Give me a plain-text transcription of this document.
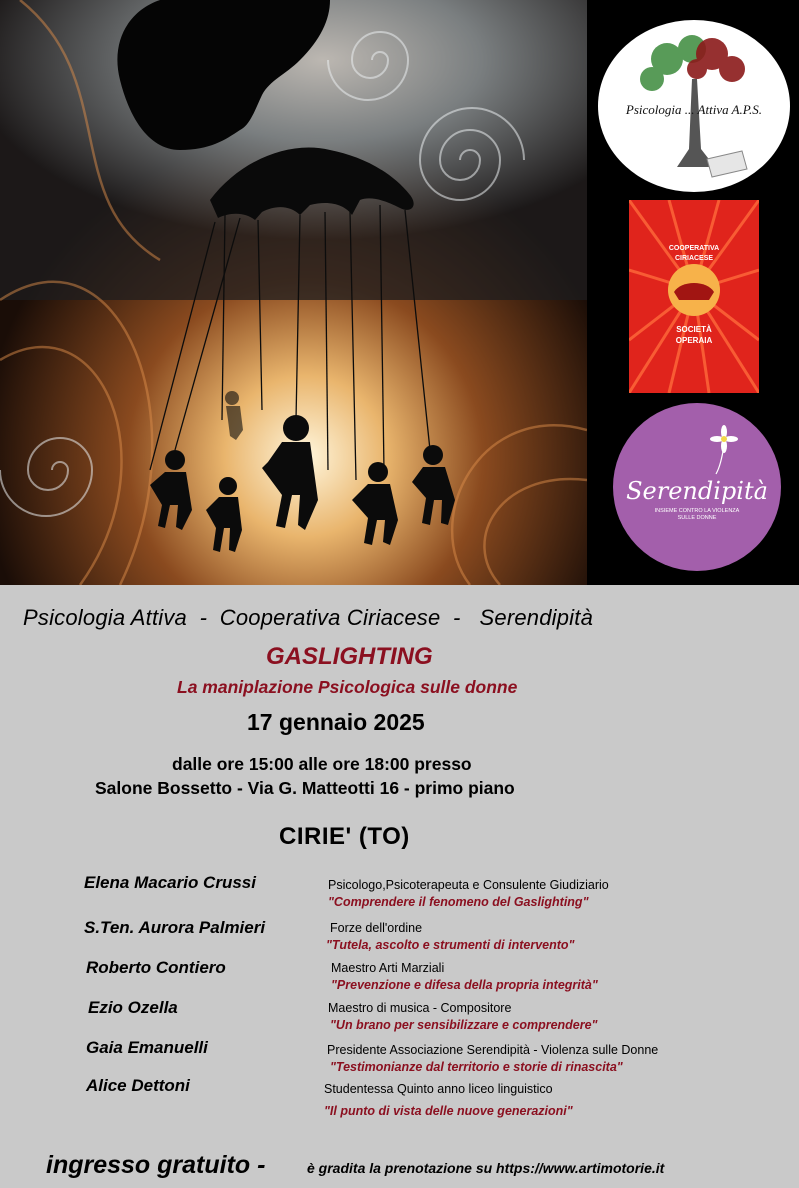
Psicologia ... Attiva A.P.S.
COOPERATIVA
CIRIACESE
SOCIETÀ
OPERAIA
Serendipità
INSIEME CONTRO LA VIOLENZA
SULLE DONNE
Psicologia Attiva - Cooperativa Ciriacese - Serendipità
GASLIGHTING
La maniplazione Psicologica sulle donne
17 gennaio 2025
dalle ore 15:00 alle ore 18:00 presso
Salone Bossetto - Via G. Matteotti 16 - primo piano
CIRIE' (TO)
Elena Macario Crussi	Psicologo,Psicoterapeuta e Consulente Giudiziario
"Comprendere il fenomeno del Gaslighting"
S.Ten. Aurora Palmieri	Forze dell'ordine
"Tutela, ascolto e strumenti di intervento"
Roberto Contiero	Maestro Arti Marziali
"Prevenzione e difesa della propria integrità"
Ezio Ozella	Maestro di musica - Compositore
"Un brano per sensibilizzare e comprendere"
Gaia Emanuelli	Presidente Associazione Serendipità - Violenza sulle Donne
"Testimonianze dal territorio e storie di rinascita"
Alice Dettoni	Studentessa Quinto anno liceo linguistico
"Il punto di vista delle nuove generazioni"
ingresso gratuito -	è gradita la prenotazione su https://www.artimotorie.it
